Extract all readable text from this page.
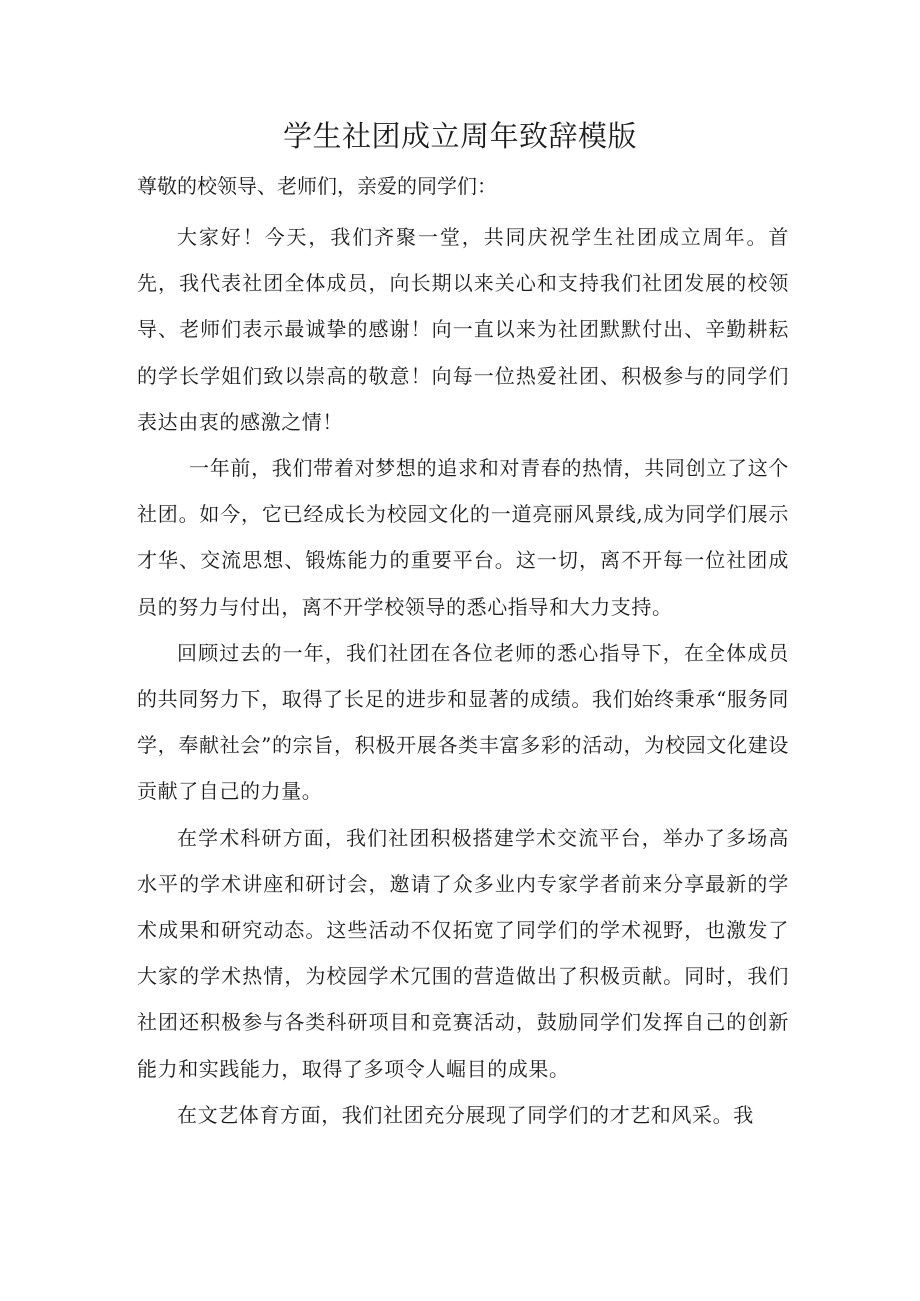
学生社团成立周年致辞模版

尊敬的校领导、老师们，亲爱的同学们：

大家好！今天，我们齐聚一堂，共同庆祝学生社团成立周年。首先，我代表社团全体成员，向长期以来关心和支持我们社团发展的校领导、老师们表示最诚挚的感谢！向一直以来为社团默默付出、辛勤耕耘的学长学姐们致以崇高的敬意！向每一位热爱社团、积极参与的同学们表达由衷的感激之情！

一年前，我们带着对梦想的追求和对青春的热情，共同创立了这个社团。如今，它已经成长为校园文化的一道亮丽风景线,成为同学们展示才华、交流思想、锻炼能力的重要平台。这一切，离不开每一位社团成员的努力与付出，离不开学校领导的悉心指导和大力支持。

回顾过去的一年，我们社团在各位老师的悉心指导下，在全体成员的共同努力下，取得了长足的进步和显著的成绩。我们始终秉承“服务同学，奉献社会”的宗旨，积极开展各类丰富多彩的活动，为校园文化建设贡献了自己的力量。

在学术科研方面，我们社团积极搭建学术交流平台，举办了多场高水平的学术讲座和研讨会，邀请了众多业内专家学者前来分享最新的学术成果和研究动态。这些活动不仅拓宽了同学们的学术视野，也激发了大家的学术热情，为校园学术冗围的营造做出了积极贡献。同时，我们社团还积极参与各类科研项目和竞赛活动，鼓励同学们发挥自己的创新能力和实践能力，取得了多项令人崛目的成果。

在文艺体育方面，我们社团充分展现了同学们的才艺和风采。我
